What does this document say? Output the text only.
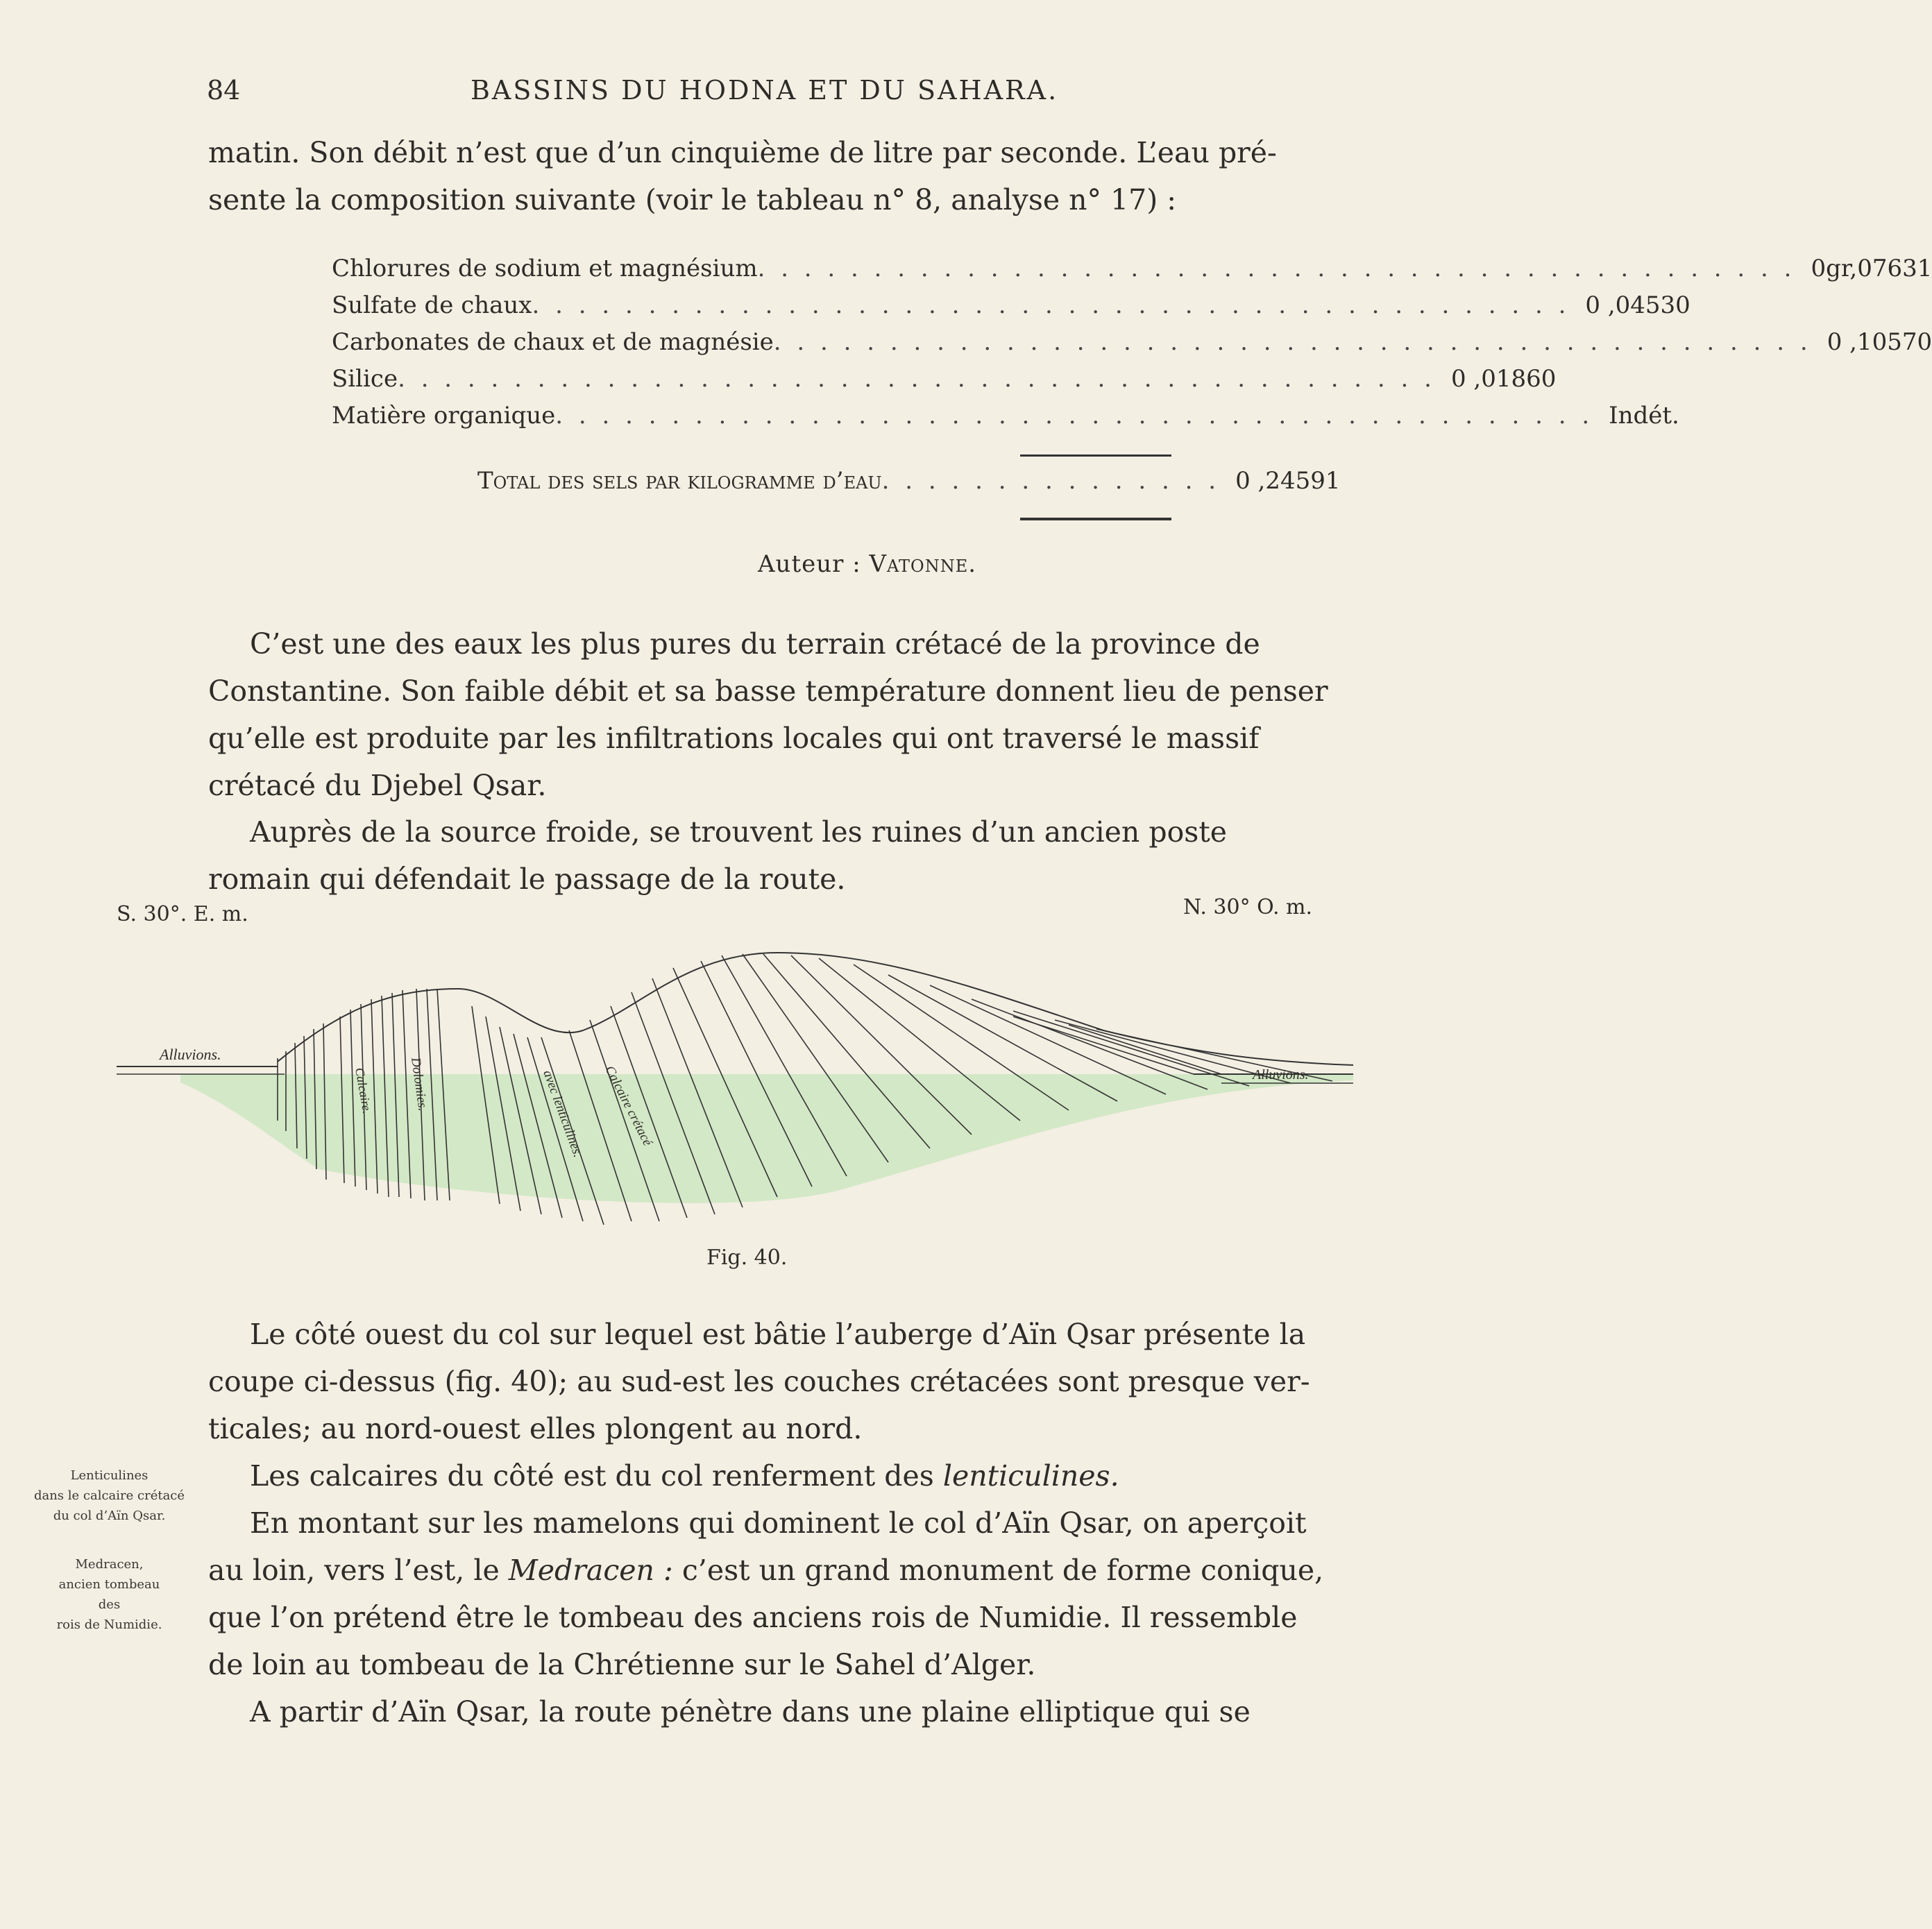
84	BASSINS DU HODNA ET DU SAHARA.
matin. Son débit n’est que d’un cinquième de litre par seconde. L’eau pré-
sente la composition suivante (voir le tableau n° 8, analyse n° 17) :
Chlorures de sodium et magnésium . . . . . . . . . . . . . . . . . . . . . . . . . . . . . . . . . . . . . . . . . . . . . 0gr,07631
Sulfate de chaux . . . . . . . . . . . . . . . . . . . . . . . . . . . . . . . . . . . . . . . . . . . . . 0 ,04530
Carbonates de chaux et de magnésie . . . . . . . . . . . . . . . . . . . . . . . . . . . . . . . . . . . . . . . . . . . . . 0 ,10570
Silice . . . . . . . . . . . . . . . . . . . . . . . . . . . . . . . . . . . . . . . . . . . . . 0 ,01860
Matière organique . . . . . . . . . . . . . . . . . . . . . . . . . . . . . . . . . . . . . . . . . . . . . Indét.
Total des sels par kilogramme d’eau . . . . . . . . . . . . . . . 0 ,24591
Auteur : Vatonne.
C’est une des eaux les plus pures du terrain crétacé de la province de
Constantine. Son faible débit et sa basse température donnent lieu de penser
qu’elle est produite par les infiltrations locales qui ont traversé le massif
crétacé du Djebel Qsar.
Auprès de la source froide, se trouvent les ruines d’un ancien poste
romain qui défendait le passage de la route.
S. 30°. E. m.	N. 30° O. m.
Alluvions.
Alluvions.
Calcaire.	Dolomies.	avec lenticulines. Calcaire crétacé
Fig. 40.
Le côté ouest du col sur lequel est bâtie l’auberge d’Aïn Qsar présente la
coupe ci-dessus (fig. 40); au sud-est les couches crétacées sont presque ver-
ticales; au nord-ouest elles plongent au nord.
Les calcaires du côté est du col renferment des lenticulines.
En montant sur les mamelons qui dominent le col d’Aïn Qsar, on aperçoit
au loin, vers l’est, le Medracen : c’est un grand monument de forme conique,
que l’on prétend être le tombeau des anciens rois de Numidie. Il ressemble
de loin au tombeau de la Chrétienne sur le Sahel d’Alger.
A partir d’Aïn Qsar, la route pénètre dans une plaine elliptique qui se
Lenticulines
dans le calcaire crétacé
du col d’Aïn Qsar.
Medracen,
ancien tombeau
des
rois de Numidie.
